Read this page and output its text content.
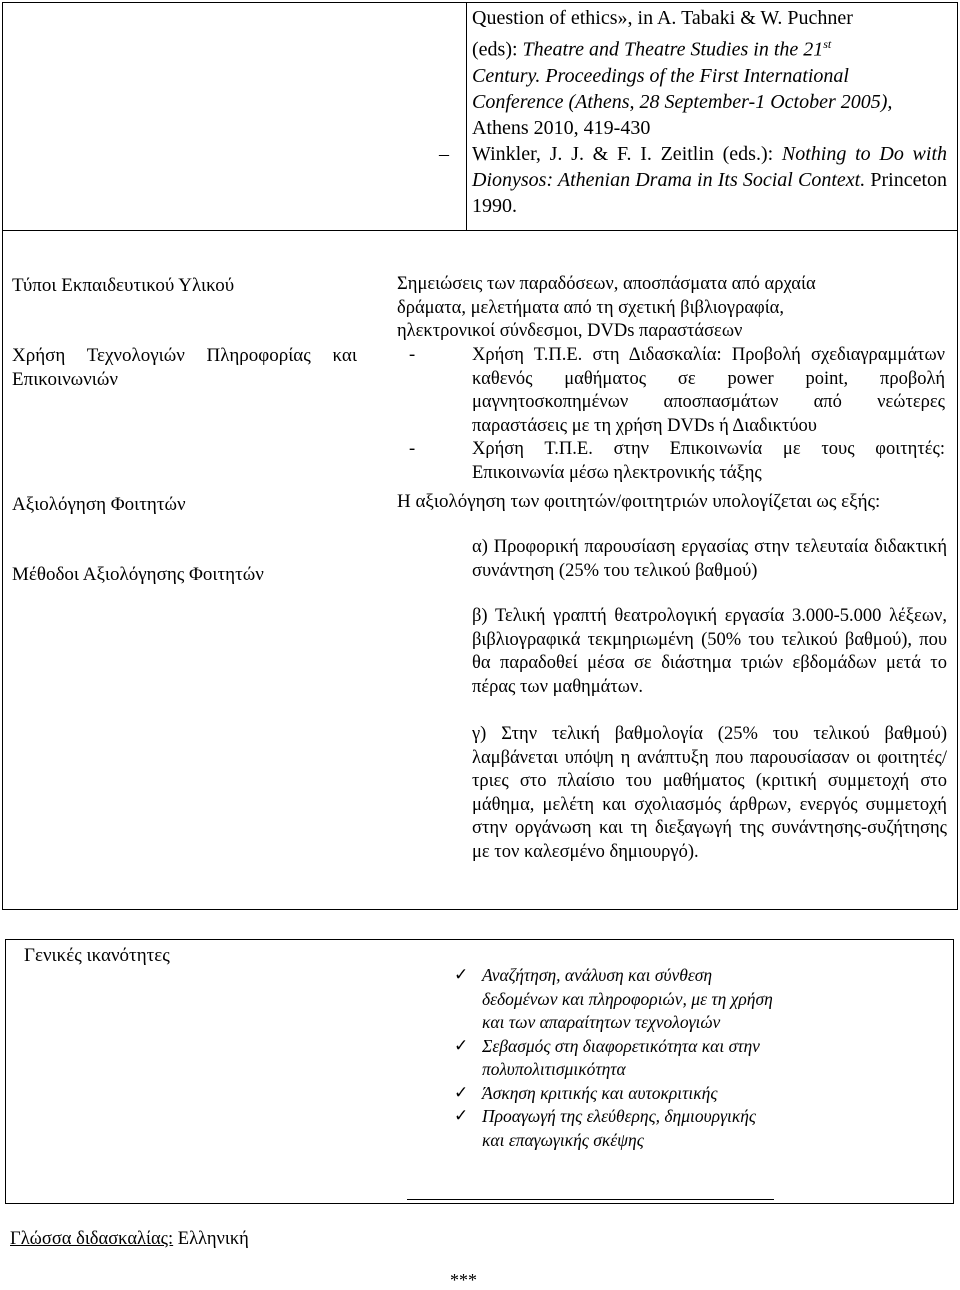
Question of ethics», in A. Tabaki & W. Puchner
(eds): Theatre and Theatre Studies in the 21st
Century. Proceedings of the First International
Conference (Athens, 28 September-1 October 2005),
Athens 2010, 419-430
– Winkler, J. J. & F. I. Zeitlin (eds.): Nothing to Do with Dionysos: Athenian Drama in Its Social Context. Princeton 1990.
Τύποι Εκπαιδευτικού Υλικού
Χρήση Τεχνολογιών Πληροφορίας και Επικοινωνιών
Αξιολόγηση Φοιτητών
Μέθοδοι Αξιολόγησης Φοιτητών
Σημειώσεις των παραδόσεων, αποσπάσματα από αρχαία δράματα, μελετήματα από τη σχετική βιβλιογραφία, ηλεκτρονικοί σύνδεσμοι, DVDs παραστάσεων
-	Χρήση Τ.Π.Ε. στη Διδασκαλία: Προβολή σχεδιαγραμμάτων καθενός μαθήματος σε power point, προβολή μαγνητοσκοπημένων αποσπασμάτων από νεώτερες παραστάσεις με τη χρήση DVDs ή Διαδικτύου
-	Χρήση Τ.Π.Ε. στην Επικοινωνία με τους φοιτητές: Επικοινωνία μέσω ηλεκτρονικής τάξης
Η αξιολόγηση των φοιτητών/φοιτητριών υπολογίζεται ως εξής:
α) Προφορική παρουσίαση εργασίας στην τελευταία διδακτική συνάντηση (25% του τελικού βαθμού)
β) Τελική γραπτή θεατρολογική εργασία 3.000-5.000 λέξεων, βιβλιογραφικά τεκμηριωμένη (50% του τελικού βαθμού), που θα παραδοθεί μέσα σε διάστημα τριών εβδομάδων μετά το πέρας των μαθημάτων.
γ) Στην τελική βαθμολογία (25% του τελικού βαθμού) λαμβάνεται υπόψη η ανάπτυξη που παρουσίασαν οι φοιτητές/τριες στο πλαίσιο του μαθήματος (κριτική συμμετοχή στο μάθημα, μελέτη και σχολιασμός άρθρων, ενεργός συμμετοχή στην οργάνωση και τη διεξαγωγή της συνάντησης-συζήτησης με τον καλεσμένο δημιουργό).
Γενικές ικανότητες
✓ Αναζήτηση, ανάλυση και σύνθεση δεδομένων και πληροφοριών, με τη χρήση και των απαραίτητων τεχνολογιών
✓ Σεβασμός στη διαφορετικότητα και στην πολυπολιτισμικότητα
✓ Άσκηση κριτικής και αυτοκριτικής
✓ Προαγωγή της ελεύθερης, δημιουργικής και επαγωγικής σκέψης
Γλώσσα διδασκαλίας: Ελληνική
***
